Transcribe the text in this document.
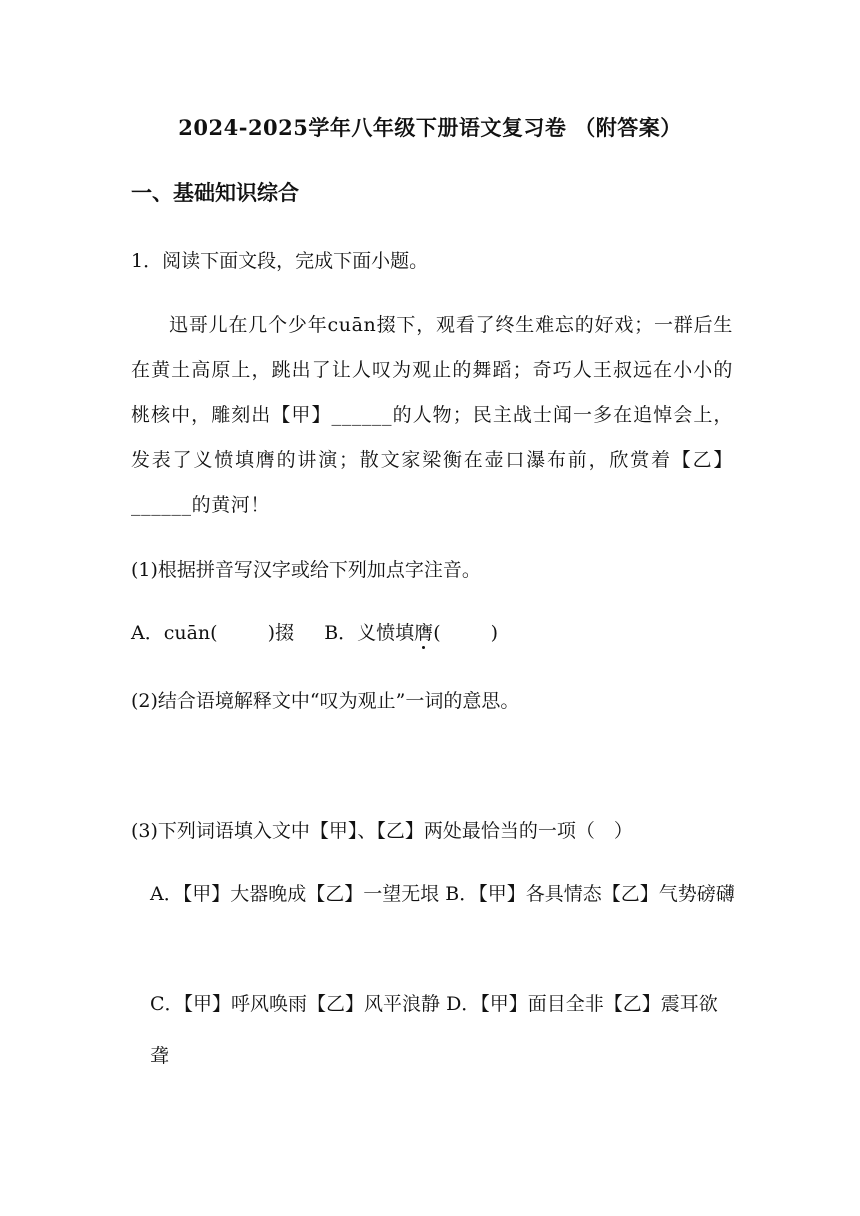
2024-2025学年八年级下册语文复习卷 （附答案）
一、基础知识综合
1．阅读下面文段，完成下面小题。
迅哥儿在几个少年cuān掇下，观看了终生难忘的好戏；一群后生在黄土高原上，跳出了让人叹为观止的舞蹈；奇巧人王叔远在小小的桃核中，雕刻出【甲】______的人物；民主战士闻一多在追悼会上，发表了义愤填膺的讲演；散文家梁衡在壶口瀑布前，欣赏着【乙】______的黄河！
(1)根据拼音写汉字或给下列加点字注音。
A．cuān(	)掇 B．义愤填膺(	)
(2)结合语境解释文中“叹为观止”一词的意思。
(3)下列词语填入文中【甲】、【乙】两处最恰当的一项（　）
A．【甲】大器晚成【乙】一望无垠 B．【甲】各具情态【乙】气势磅礴
C．【甲】呼风唤雨【乙】风平浪静 D．【甲】面目全非【乙】震耳欲聋
